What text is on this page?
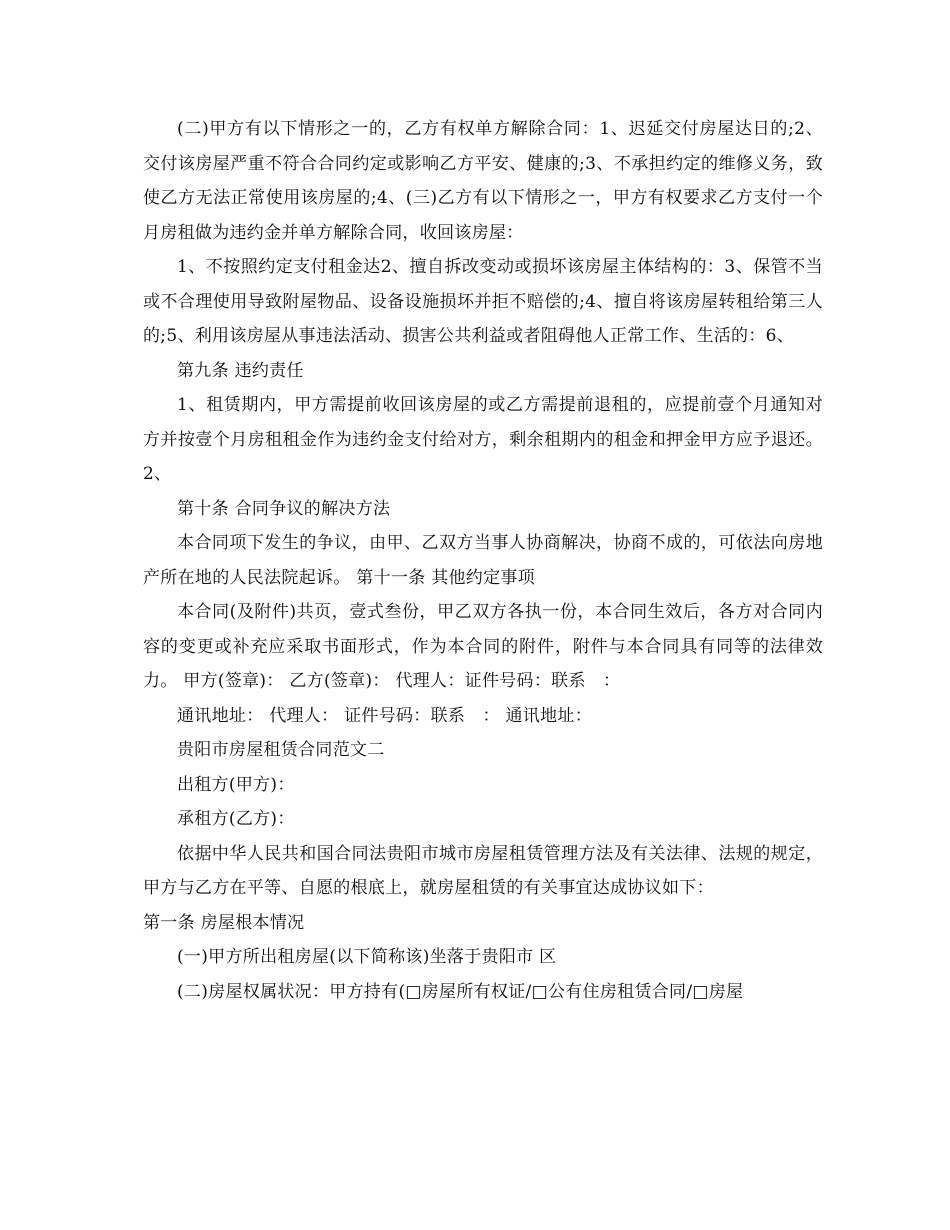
(二)甲方有以下情形之一的，乙方有权单方解除合同：1、迟延交付房屋达日的;2、交付该房屋严重不符合合同约定或影响乙方平安、健康的;3、不承担约定的维修义务，致使乙方无法正常使用该房屋的;4、(三)乙方有以下情形之一，甲方有权要求乙方支付一个月房租做为违约金并单方解除合同，收回该房屋：

1、不按照约定支付租金达2、擅自拆改变动或损坏该房屋主体结构的：3、保管不当或不合理使用导致附屋物品、设备设施损坏并拒不赔偿的;4、擅自将该房屋转租给第三人的;5、利用该房屋从事违法活动、损害公共利益或者阻碍他人正常工作、生活的：6、

第九条 违约责任

1、租赁期内，甲方需提前收回该房屋的或乙方需提前退租的，应提前壹个月通知对方并按壹个月房租租金作为违约金支付给对方，剩余租期内的租金和押金甲方应予退还。 2、

第十条 合同争议的解决方法

本合同项下发生的争议，由甲、乙双方当事人协商解决，协商不成的，可依法向房地产所在地的人民法院起诉。 第十一条 其他约定事项

本合同(及附件)共页，壹式叁份，甲乙双方各执一份，本合同生效后，各方对合同内容的变更或补充应采取书面形式，作为本合同的附件，附件与本合同具有同等的法律效力。 甲方(签章)： 乙方(签章)： 代理人：证件号码：联系　：

通讯地址： 代理人： 证件号码：联系　： 通讯地址：

贵阳市房屋租赁合同范文二

出租方(甲方)：

承租方(乙方)：

依据中华人民共和国合同法贵阳市城市房屋租赁管理方法及有关法律、法规的规定，甲方与乙方在平等、自愿的根底上，就房屋租赁的有关事宜达成协议如下：

第一条 房屋根本情况

(一)甲方所出租房屋(以下简称该)坐落于贵阳市 区

(二)房屋权属状况：甲方持有(□房屋所有权证/□公有住房租赁合同/□房屋
